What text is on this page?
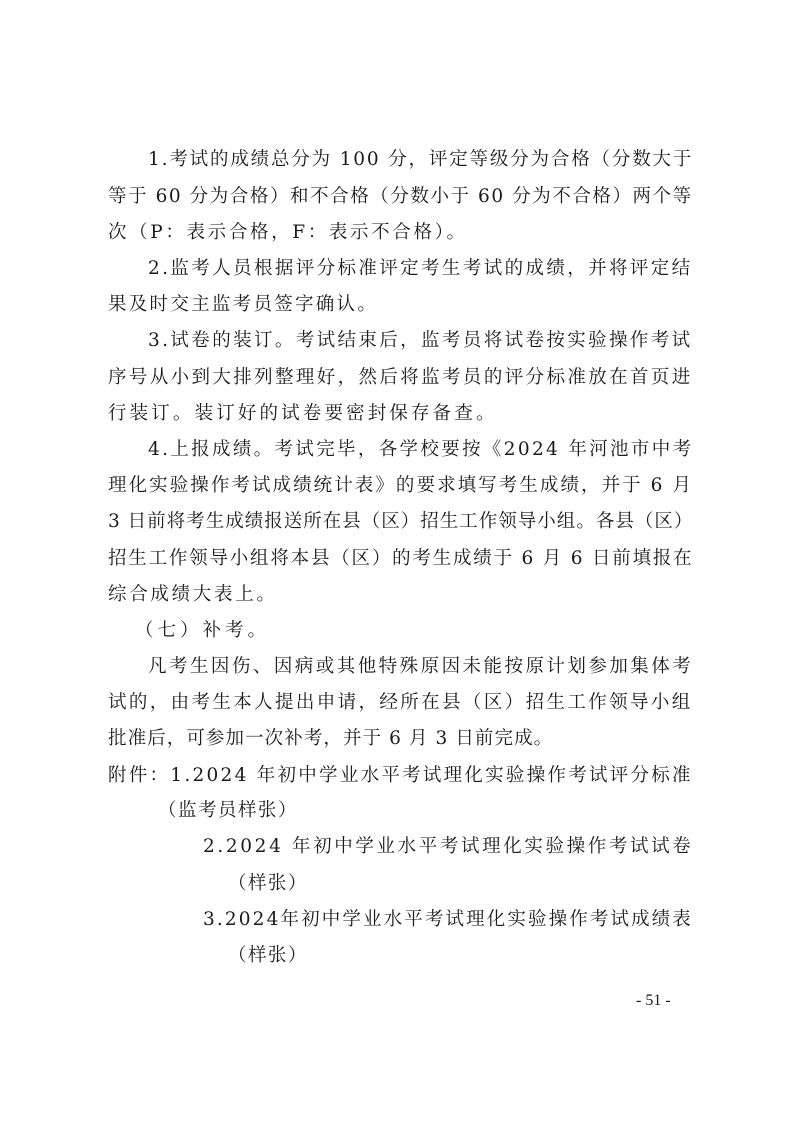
1.考试的成绩总分为 100 分，评定等级分为合格（分数大于

等于 60 分为合格）和不合格（分数小于 60 分为不合格）两个等

次（P：表示合格，F：表示不合格）。

2.监考人员根据评分标准评定考生考试的成绩，并将评定结

果及时交主监考员签字确认。

3.试卷的装订。考试结束后，监考员将试卷按实验操作考试

序号从小到大排列整理好，然后将监考员的评分标准放在首页进

行装订。装订好的试卷要密封保存备查。

4.上报成绩。考试完毕，各学校要按《2024 年河池市中考

理化实验操作考试成绩统计表》的要求填写考生成绩，并于 6 月

3 日前将考生成绩报送所在县（区）招生工作领导小组。各县（区）

招生工作领导小组将本县（区）的考生成绩于 6 月 6 日前填报在

综合成绩大表上。

（七）补考。

凡考生因伤、因病或其他特殊原因未能按原计划参加集体考

试的，由考生本人提出申请，经所在县（区）招生工作领导小组

批准后，可参加一次补考，并于 6 月 3 日前完成。

附件：1.2024 年初中学业水平考试理化实验操作考试评分标准

（监考员样张）

2.2024 年初中学业水平考试理化实验操作考试试卷

（样张）

3.2024年初中学业水平考试理化实验操作考试成绩表

（样张）

- 51 -
